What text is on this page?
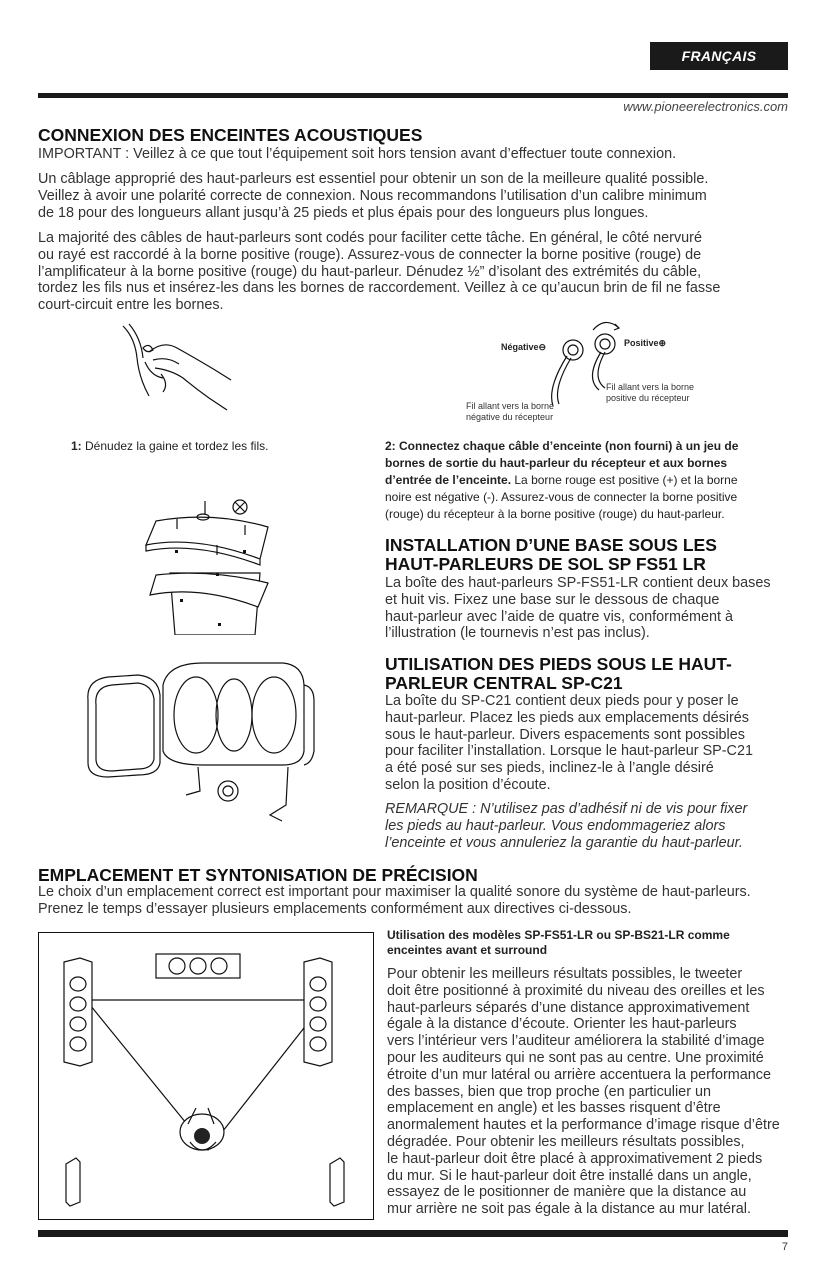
FRANÇAIS
www.pioneerelectronics.com
CONNEXION DES ENCEINTES ACOUSTIQUES

IMPORTANT : Veillez à ce que tout l’équipement soit hors tension avant d’effectuer toute connexion.

Un câblage approprié des haut-parleurs est essentiel pour obtenir un son de la meilleure qualité possible.

Veillez à avoir une polarité correcte de connexion. Nous recommandons l’utilisation d’un calibre minimum

de 18 pour des longueurs allant jusqu’à 25 pieds et plus épais pour des longueurs plus longues.

La majorité des câbles de haut-parleurs sont codés pour faciliter cette tâche. En général, le côté nervuré

ou rayé est raccordé à la borne positive (rouge). Assurez-vous de connecter la borne positive (rouge) de

l’amplificateur à la borne positive (rouge) du haut-parleur. Dénudez ½” d’isolant des extrémités du câble,

tordez les fils nus et insérez-les dans les bornes de raccordement. Veillez à ce qu’aucun brin de fil ne fasse

court-circuit entre les bornes.

Négative⊖	Positive⊕
Fil allant vers la borne
positive du récepteur
Fil allant vers la borne
négative du récepteur

1: Dénudez la gaine et tordez les fils.	2: Connectez chaque câble d’enceinte (non fourni) à un jeu de

bornes de sortie du haut-parleur du récepteur et aux bornes

d’entrée de l’enceinte. La borne rouge est positive (+) et la borne

noire est négative (-). Assurez-vous de connecter la borne positive

(rouge) du récepteur à la borne positive (rouge) du haut-parleur.

INSTALLATION D’UNE BASE SOUS LES
HAUT-PARLEURS DE SOL SP FS51 LR

La boîte des haut-parleurs SP-FS51-LR contient deux bases

et huit vis. Fixez une base sur le dessous de chaque

haut-parleur avec l’aide de quatre vis, conformément à

l’illustration (le tournevis n’est pas inclus).

UTILISATION DES PIEDS SOUS LE HAUT-
PARLEUR CENTRAL SP-C21

La boîte du SP-C21 contient deux pieds pour y poser le

haut-parleur. Placez les pieds aux emplacements désirés

sous le haut-parleur. Divers espacements sont possibles

pour faciliter l’installation. Lorsque le haut-parleur SP-C21

a été posé sur ses pieds, inclinez-le à l’angle désiré

selon la position d’écoute.

REMARQUE : N’utilisez pas d’adhésif ni de vis pour fixer

les pieds au haut-parleur. Vous endommageriez alors

l’enceinte et vous annuleriez la garantie du haut-parleur.

EMPLACEMENT ET SYNTONISATION DE PRÉCISION

Le choix d’un emplacement correct est important pour maximiser la qualité sonore du système de haut-parleurs.

Prenez le temps d’essayer plusieurs emplacements conformément aux directives ci-dessous.

Utilisation des modèles SP-FS51-LR ou SP-BS21-LR comme

enceintes avant et surround

Pour obtenir les meilleurs résultats possibles, le tweeter

doit être positionné à proximité du niveau des oreilles et les

haut-parleurs séparés d’une distance approximativement

égale à la distance d’écoute. Orienter les haut-parleurs

vers l’intérieur vers l’auditeur améliorera la stabilité d’image

pour les auditeurs qui ne sont pas au centre. Une proximité

étroite d’un mur latéral ou arrière accentuera la performance

des basses, bien que trop proche (en particulier un

emplacement en angle) et les basses risquent d’être

anormalement hautes et la performance d’image risque d’être

dégradée. Pour obtenir les meilleurs résultats possibles,

le haut-parleur doit être placé à approximativement 2 pieds

du mur. Si le haut-parleur doit être installé dans un angle,

essayez de le positionner de manière que la distance au

mur arrière ne soit pas égale à la distance au mur latéral.

7
